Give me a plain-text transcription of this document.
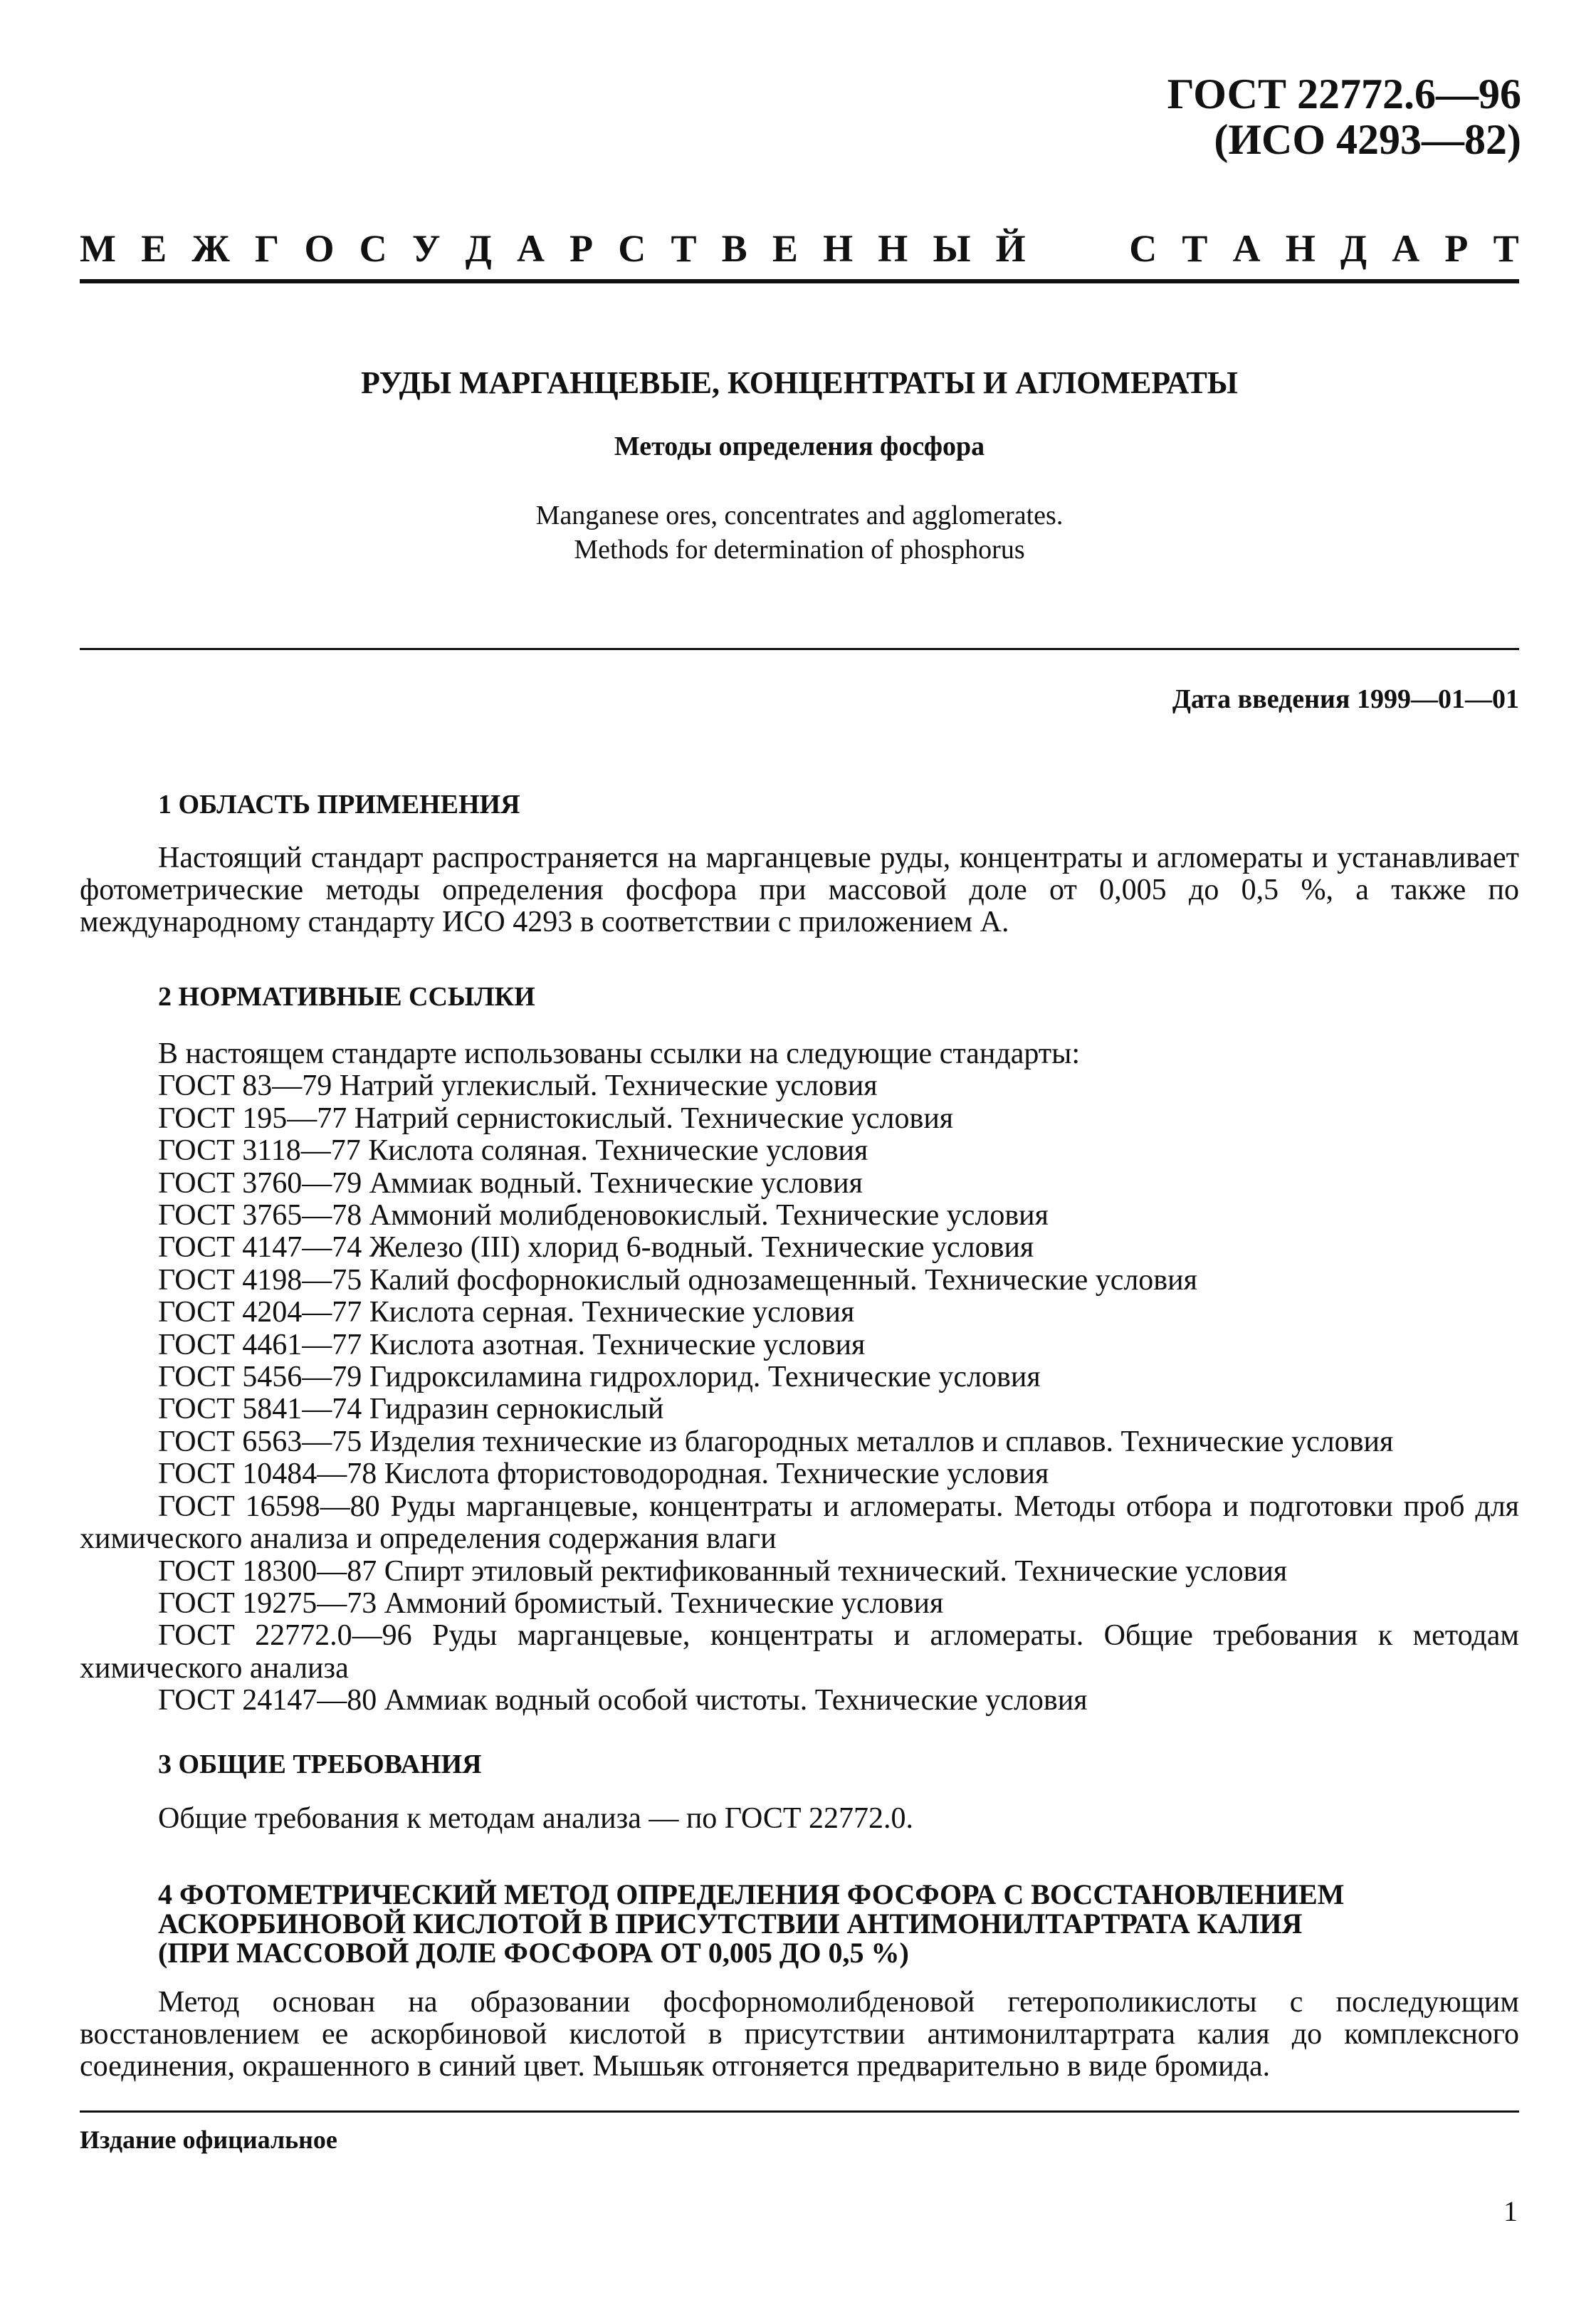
ГОСТ 22772.6—96
(ИСО 4293—82)
М Е Ж Г О С У Д А Р С Т В Е Н Н Ы Й	С Т А Н Д А Р Т
РУДЫ МАРГАНЦЕВЫЕ, КОНЦЕНТРАТЫ И АГЛОМЕРАТЫ
Методы определения фосфора
Manganese ores, concentrates and agglomerates.
Methods for determination of phosphorus
Дата введения 1999—01—01
1 ОБЛАСТЬ ПРИМЕНЕНИЯ
Настоящий стандарт распространяется на марганцевые руды, концентраты и агломераты и устанавливает фотометрические методы определения фосфора при массовой доле от 0,005 до 0,5 %, а также по международному стандарту ИСО 4293 в соответствии с приложением А.
2 НОРМАТИВНЫЕ ССЫЛКИ
В настоящем стандарте использованы ссылки на следующие стандарты:
ГОСТ 83—79 Натрий углекислый. Технические условия
ГОСТ 195—77 Натрий сернистокислый. Технические условия
ГОСТ 3118—77 Кислота соляная. Технические условия
ГОСТ 3760—79 Аммиак водный. Технические условия
ГОСТ 3765—78 Аммоний молибденовокислый. Технические условия
ГОСТ 4147—74 Железо (III) хлорид 6-водный. Технические условия
ГОСТ 4198—75 Калий фосфорнокислый однозамещенный. Технические условия
ГОСТ 4204—77 Кислота серная. Технические условия
ГОСТ 4461—77 Кислота азотная. Технические условия
ГОСТ 5456—79 Гидроксиламина гидрохлорид. Технические условия
ГОСТ 5841—74 Гидразин сернокислый
ГОСТ 6563—75 Изделия технические из благородных металлов и сплавов. Технические условия
ГОСТ 10484—78 Кислота фтористоводородная. Технические условия
ГОСТ 16598—80 Руды марганцевые, концентраты и агломераты. Методы отбора и подготовки проб для химического анализа и определения содержания влаги
ГОСТ 18300—87 Спирт этиловый ректификованный технический. Технические условия
ГОСТ 19275—73 Аммоний бромистый. Технические условия
ГОСТ 22772.0—96 Руды марганцевые, концентраты и агломераты. Общие требования к методам химического анализа
ГОСТ 24147—80 Аммиак водный особой чистоты. Технические условия
3 ОБЩИЕ ТРЕБОВАНИЯ
Общие требования к методам анализа — по ГОСТ 22772.0.
4 ФОТОМЕТРИЧЕСКИЙ МЕТОД ОПРЕДЕЛЕНИЯ ФОСФОРА С ВОССТАНОВЛЕНИЕМ
АСКОРБИНОВОЙ КИСЛОТОЙ В ПРИСУТСТВИИ АНТИМОНИЛТАРТРАТА КАЛИЯ
(ПРИ МАССОВОЙ ДОЛЕ ФОСФОРА ОТ 0,005 ДО 0,5 %)
Метод основан на образовании фосфорномолибденовой гетерополикислоты с последующим восстановлением ее аскорбиновой кислотой в присутствии антимонилтартрата калия до комплексного соединения, окрашенного в синий цвет. Мышьяк отгоняется предварительно в виде бромида.
Издание официальное
1
